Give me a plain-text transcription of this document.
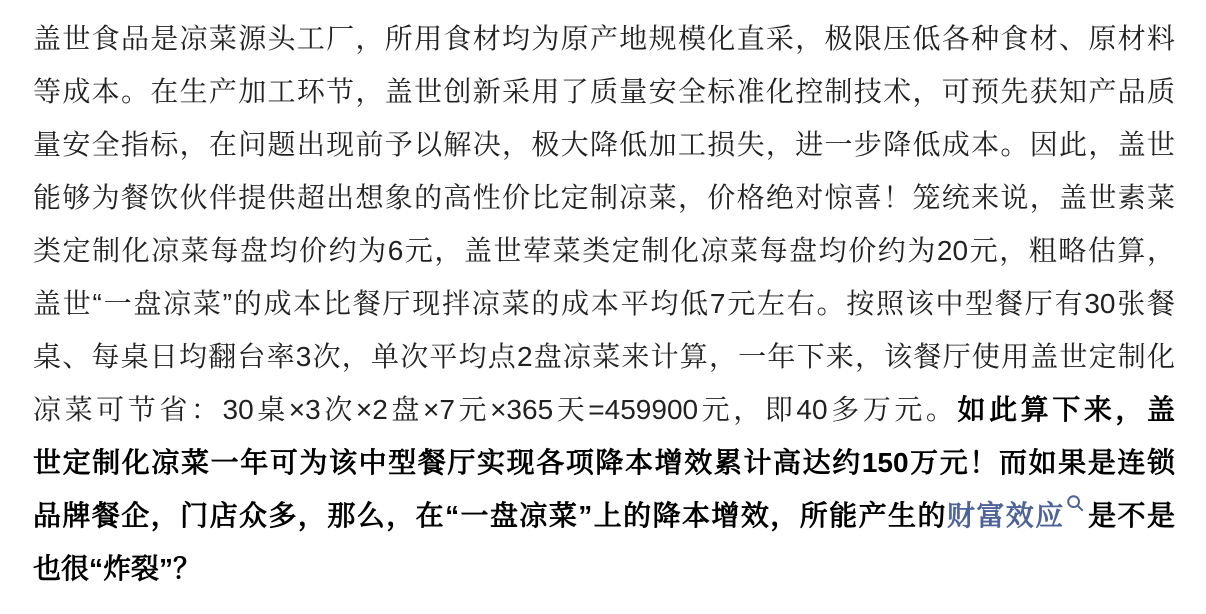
盖世食品是凉菜源头工厂，所用食材均为原产地规模化直采，极限压低各种食材、原材料
等成本。在生产加工环节，盖世创新采用了质量安全标准化控制技术，可预先获知产品质
量安全指标，在问题出现前予以解决，极大降低加工损失，进一步降低成本。因此，盖世
能够为餐饮伙伴提供超出想象的高性价比定制凉菜，价格绝对惊喜！笼统来说，盖世素菜
类定制化凉菜每盘均价约为6元，盖世荤菜类定制化凉菜每盘均价约为20元，粗略估算，
盖世“一盘凉菜”的成本比餐厅现拌凉菜的成本平均低7元左右。按照该中型餐厅有30张餐
桌、每桌日均翻台率3次，单次平均点2盘凉菜来计算，一年下来，该餐厅使用盖世定制化
凉菜可节省：30桌×3次×2盘×7元×365天=459900元，即40多万元。如此算下来，盖
世定制化凉菜一年可为该中型餐厅实现各项降本增效累计高达约150万元！而如果是连锁
品牌餐企，门店众多，那么，在“一盘凉菜”上的降本增效，所能产生的财富效应 是不是
也很“炸裂”？
